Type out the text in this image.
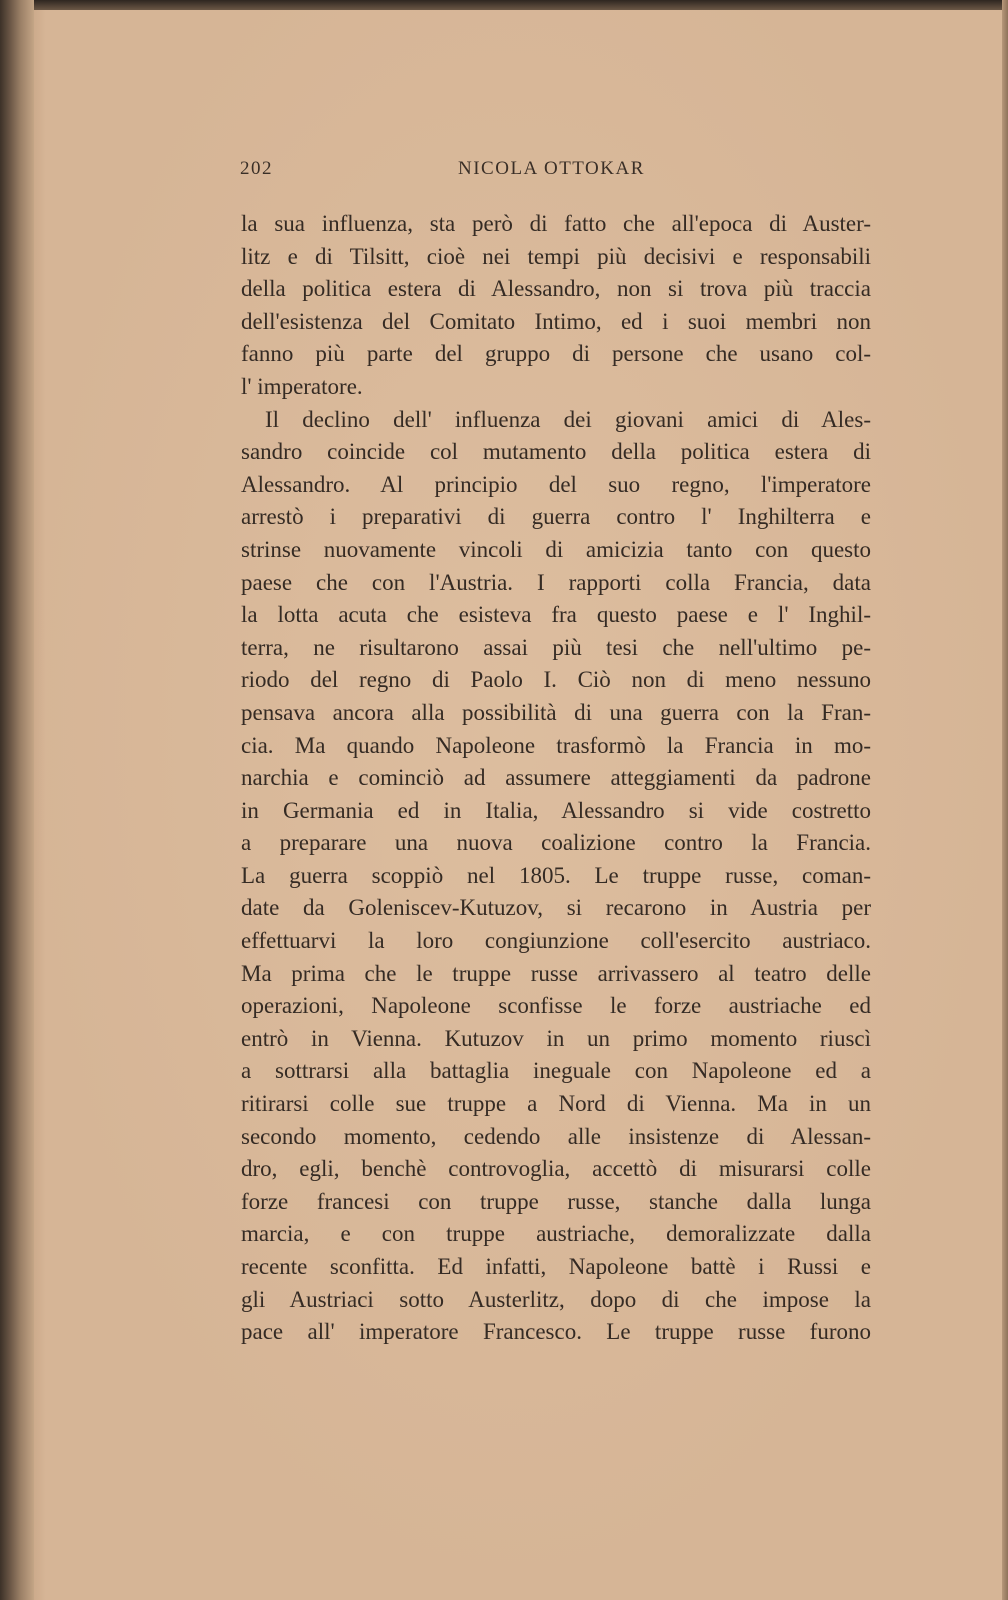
202	NICOLA OTTOKAR
la sua influenza, sta però di fatto che all'epoca di Auster-
litz e di Tilsitt, cioè nei tempi più decisivi e responsabili
della politica estera di Alessandro, non si trova più traccia
dell'esistenza del Comitato Intimo, ed i suoi membri non
fanno più parte del gruppo di persone che usano col-
l' imperatore.
Il declino dell' influenza dei giovani amici di Ales-
sandro coincide col mutamento della politica estera di
Alessandro. Al principio del suo regno, l'imperatore
arrestò i preparativi di guerra contro l' Inghilterra e
strinse nuovamente vincoli di amicizia tanto con questo
paese che con l'Austria. I rapporti colla Francia, data
la lotta acuta che esisteva fra questo paese e l' Inghil-
terra, ne risultarono assai più tesi che nell'ultimo pe-
riodo del regno di Paolo I. Ciò non di meno nessuno
pensava ancora alla possibilità di una guerra con la Fran-
cia. Ma quando Napoleone trasformò la Francia in mo-
narchia e cominciò ad assumere atteggiamenti da padrone
in Germania ed in Italia, Alessandro si vide costretto
a preparare una nuova coalizione contro la Francia.
La guerra scoppiò nel 1805. Le truppe russe, coman-
date da Goleniscev-Kutuzov, si recarono in Austria per
effettuarvi la loro congiunzione coll'esercito austriaco.
Ma prima che le truppe russe arrivassero al teatro delle
operazioni, Napoleone sconfisse le forze austriache ed
entrò in Vienna. Kutuzov in un primo momento riuscì
a sottrarsi alla battaglia ineguale con Napoleone ed a
ritirarsi colle sue truppe a Nord di Vienna. Ma in un
secondo momento, cedendo alle insistenze di Alessan-
dro, egli, benchè controvoglia, accettò di misurarsi colle
forze francesi con truppe russe, stanche dalla lunga
marcia, e con truppe austriache, demoralizzate dalla
recente sconfitta. Ed infatti, Napoleone battè i Russi e
gli Austriaci sotto Austerlitz, dopo di che impose la
pace all' imperatore Francesco. Le truppe russe furono
